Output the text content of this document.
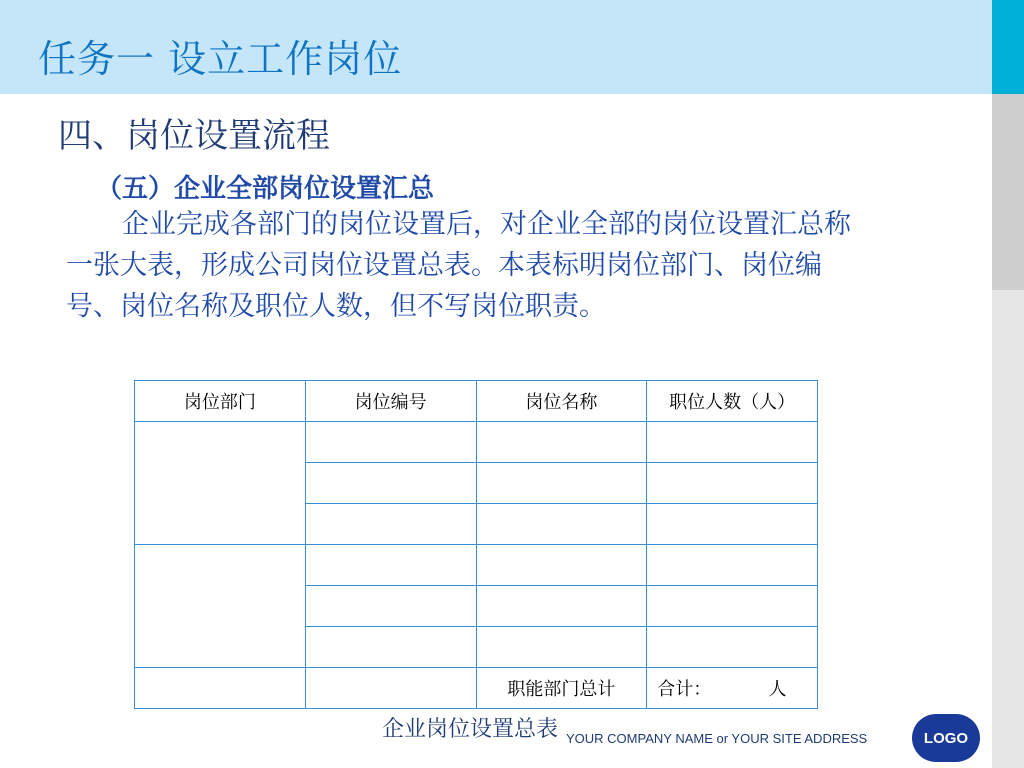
任务一 设立工作岗位
四、岗位设置流程
（五）企业全部岗位设置汇总
企业完成各部门的岗位设置后，对企业全部的岗位设置汇总称一张大表，形成公司岗位设置总表。本表标明岗位部门、岗位编号、岗位名称及职位人数，但不写岗位职责。
岗位部门	岗位编号	岗位名称	职位人数（人）

		职能部门总计	合计：          人
企业岗位设置总表 YOUR COMPANY NAME or YOUR SITE ADDRESS	LOGO
